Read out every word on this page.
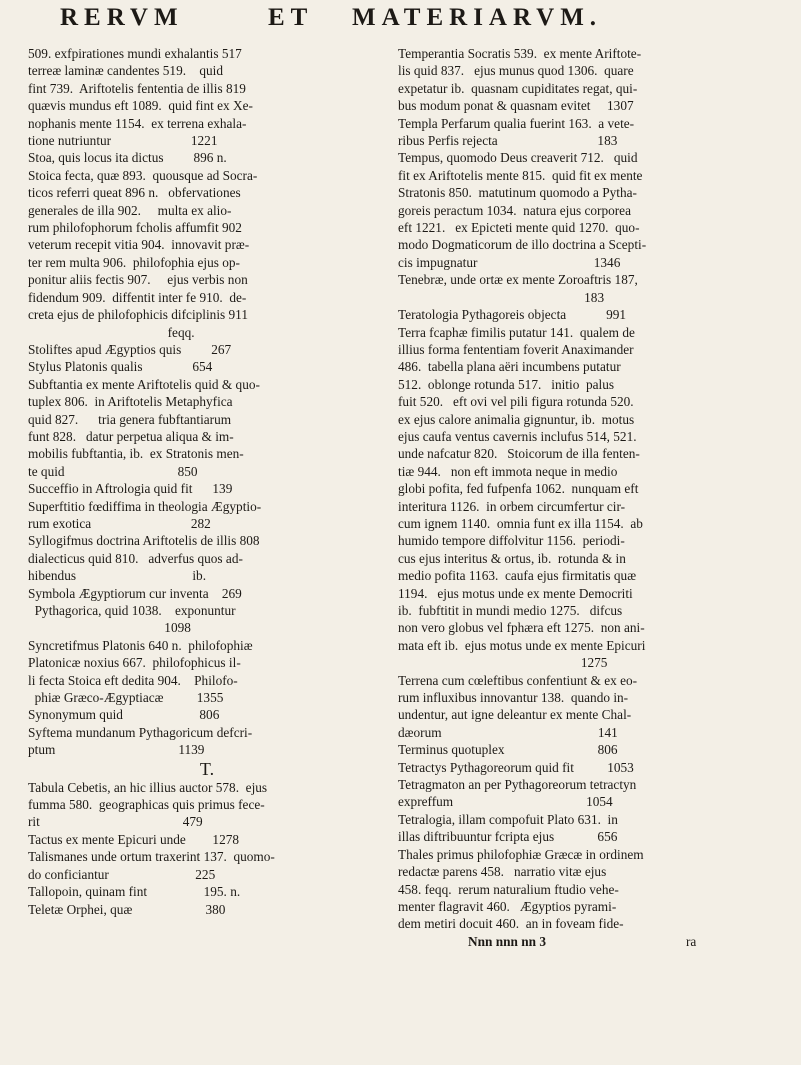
RERVM	ET MATERIARVM.

509. exfpirationes mundi exhalantis 517

terreæ laminæ candentes 519.    quid

fint 739.  Ariftotelis fententia de illis 819

quævis mundus eft 1089.  quid fint ex Xe-

nophanis mente 1154.  ex terrena exhala-

tione nutriuntur                        1221

Stoa, quis locus ita dictus         896 n.

Stoica fecta, quæ 893.  quousque ad Socra-

ticos referri queat 896 n.   obfervationes

generales de illa 902.     multa ex alio-

rum philofophorum fcholis affumfit 902

veterum recepit vitia 904.  innovavit præ-

ter rem multa 906.  philofophia ejus op-

ponitur aliis fectis 907.     ejus verbis non

fidendum 909.  diffentit inter fe 910.  de-

creta ejus de philofophicis difciplinis 911

feqq.

Stoliftes apud Ægyptios quis         267

Stylus Platonis qualis               654

Subftantia ex mente Ariftotelis quid & quo-

tuplex 806.  in Ariftotelis Metaphyfica

quid 827.      tria genera fubftantiarum

funt 828.   datur perpetua aliqua & im-

mobilis fubftantia, ib.  ex Stratonis men-

te quid                                  850

Succeffio in Aftrologia quid fit      139

Superftitio fœdiffima in theologia Ægyptio-

rum exotica                              282

Syllogifmus doctrina Ariftotelis de illis 808

dialecticus quid 810.   adverfus quos ad-

hibendus                                   ib.

Symbola Ægyptiorum cur inventa    269

Pythagorica, quid 1038.    exponuntur

1098

Syncretifmus Platonis 640 n.  philofophiæ

Platonicæ noxius 667.  philofophicus il-

li fecta Stoica eft dedita 904.    Philofo-

phiæ Græco-Ægyptiacæ          1355

Synonymum quid                       806

Syftema mundanum Pythagoricum defcri-

ptum                                     1139

T.

Tabula Cebetis, an hic illius auctor 578.  ejus

fumma 580.  geographicas quis primus fece-

rit                                           479

Tactus ex mente Epicuri unde        1278

Talismanes unde ortum traxerint 137.  quomo-

do conficiantur                          225

Tallopoin, quinam fint                 195. n.

Teletæ Orphei, quæ                      380

Temperantia Socratis 539.  ex mente Ariftote-

lis quid 837.   ejus munus quod 1306.  quare

expetatur ib.  quasnam cupiditates regat, qui-

bus modum ponat & quasnam evitet     1307

Templa Perfarum qualia fuerint 163.  a vete-

ribus Perfis rejecta                              183

Tempus, quomodo Deus creaverit 712.   quid

fit ex Ariftotelis mente 815.  quid fit ex mente

Stratonis 850.  matutinum quomodo a Pytha-

goreis peractum 1034.  natura ejus corporea

eft 1221.   ex Epicteti mente quid 1270.  quo-

modo Dogmaticorum de illo doctrina a Scepti-

cis impugnatur                                   1346

Tenebræ, unde ortæ ex mente Zoroaftris 187,

183

Teratologia Pythagoreis objecta            991

Terra fcaphæ fimilis putatur 141.  qualem de

illius forma fententiam foverit Anaximander

486.  tabella plana aëri incumbens putatur

512.  oblonge rotunda 517.   initio  palus

fuit 520.   eft ovi vel pili figura rotunda 520.

ex ejus calore animalia gignuntur, ib.  motus

ejus caufa ventus cavernis inclufus 514, 521.

unde nafcatur 820.   Stoicorum de illa fenten-

tiæ 944.   non eft immota neque in medio

globi pofita, fed fufpenfa 1062.  nunquam eft

interitura 1126.  in orbem circumfertur cir-

cum ignem 1140.  omnia funt ex illa 1154.  ab

humido tempore diffolvitur 1156.  periodi-

cus ejus interitus & ortus, ib.  rotunda & in

medio pofita 1163.  caufa ejus firmitatis quæ

1194.   ejus motus unde ex mente Democriti

ib.  fubftitit in mundi medio 1275.   difcus

non vero globus vel fphæra eft 1275.  non ani-

mata eft ib.  ejus motus unde ex mente Epicuri

1275

Terrena cum cœleftibus confentiunt & ex eo-

rum influxibus innovantur 138.  quando in-

undentur, aut igne deleantur ex mente Chal-

dæorum                                               141

Terminus quotuplex                            806

Tetractys Pythagoreorum quid fit          1053

Tetragmaton an per Pythagoreorum tetractyn

expreffum                                        1054

Tetralogia, illam compofuit Plato 631.  in

illas diftribuuntur fcripta ejus             656

Thales primus philofophiæ Græcæ in ordinem

redactæ parens 458.   narratio vitæ ejus

458. feqq.  rerum naturalium ftudio vehe-

menter flagravit 460.   Ægyptios pyrami-

dem metiri docuit 460.  an in foveam fide-

Nnn nnn nn 3	ra
